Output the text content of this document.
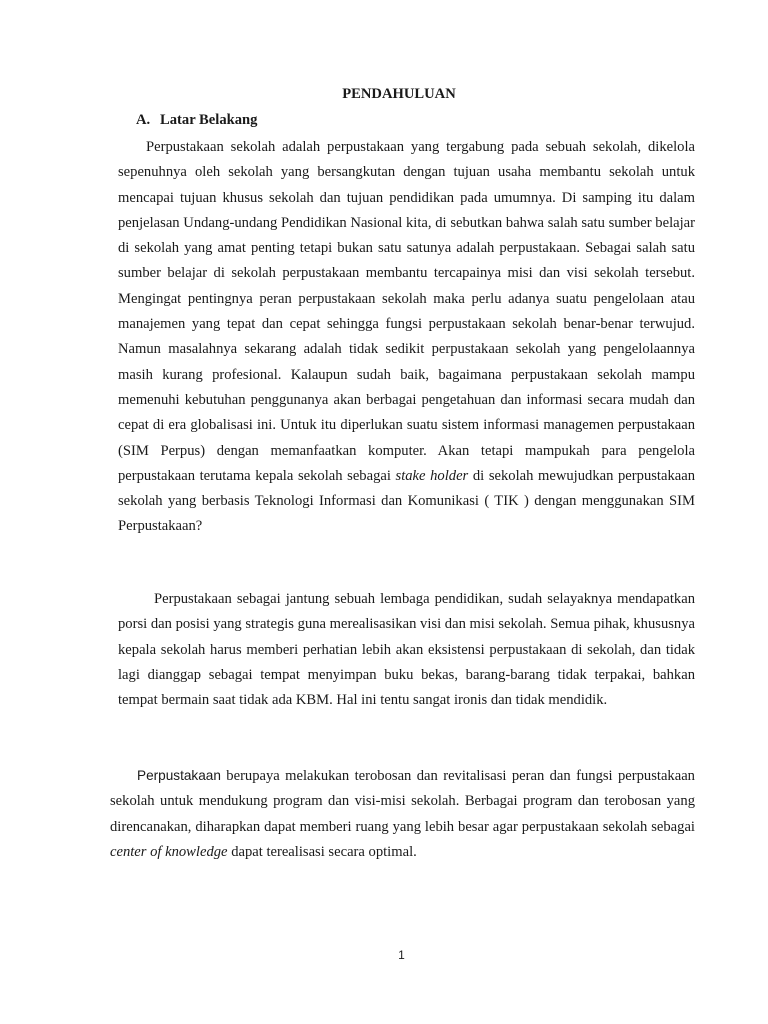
PENDAHULUAN
A. Latar Belakang

Perpustakaan sekolah adalah perpustakaan yang tergabung pada sebuah sekolah, dikelola sepenuhnya oleh sekolah yang bersangkutan dengan tujuan usaha membantu sekolah untuk mencapai tujuan khusus sekolah dan tujuan pendidikan pada umumnya. Di samping itu dalam penjelasan Undang-undang Pendidikan Nasional kita, di sebutkan bahwa salah satu sumber belajar di sekolah yang amat penting tetapi bukan satu satunya adalah perpustakaan. Sebagai salah satu sumber belajar di sekolah perpustakaan membantu tercapainya misi dan visi sekolah tersebut. Mengingat pentingnya peran perpustakaan sekolah maka perlu adanya suatu pengelolaan atau manajemen yang tepat dan cepat sehingga fungsi perpustakaan sekolah benar-benar terwujud. Namun masalahnya sekarang adalah tidak sedikit perpustakaan sekolah yang pengelolaannya masih kurang profesional. Kalaupun sudah baik, bagaimana perpustakaan sekolah mampu memenuhi kebutuhan penggunanya akan berbagai pengetahuan dan informasi secara mudah dan cepat di era globalisasi ini. Untuk itu diperlukan suatu sistem informasi managemen perpustakaan (SIM Perpus) dengan memanfaatkan komputer. Akan tetapi mampukah para pengelola perpustakaan terutama kepala sekolah sebagai stake holder di sekolah mewujudkan perpustakaan sekolah yang berbasis Teknologi Informasi dan Komunikasi ( TIK ) dengan menggunakan SIM Perpustakaan?

Perpustakaan sebagai jantung sebuah lembaga pendidikan, sudah selayaknya mendapatkan porsi dan posisi yang strategis guna merealisasikan visi dan misi sekolah. Semua pihak, khususnya kepala sekolah harus memberi perhatian lebih akan eksistensi perpustakaan di sekolah, dan tidak lagi dianggap sebagai tempat menyimpan buku bekas, barang-barang tidak terpakai, bahkan tempat bermain saat tidak ada KBM. Hal ini tentu sangat ironis dan tidak mendidik.

Perpustakaan berupaya melakukan terobosan dan revitalisasi peran dan fungsi perpustakaan sekolah untuk mendukung program dan visi-misi sekolah. Berbagai program dan terobosan yang direncanakan, diharapkan dapat memberi ruang yang lebih besar agar perpustakaan sekolah sebagai center of knowledge dapat terealisasi secara optimal.

1
